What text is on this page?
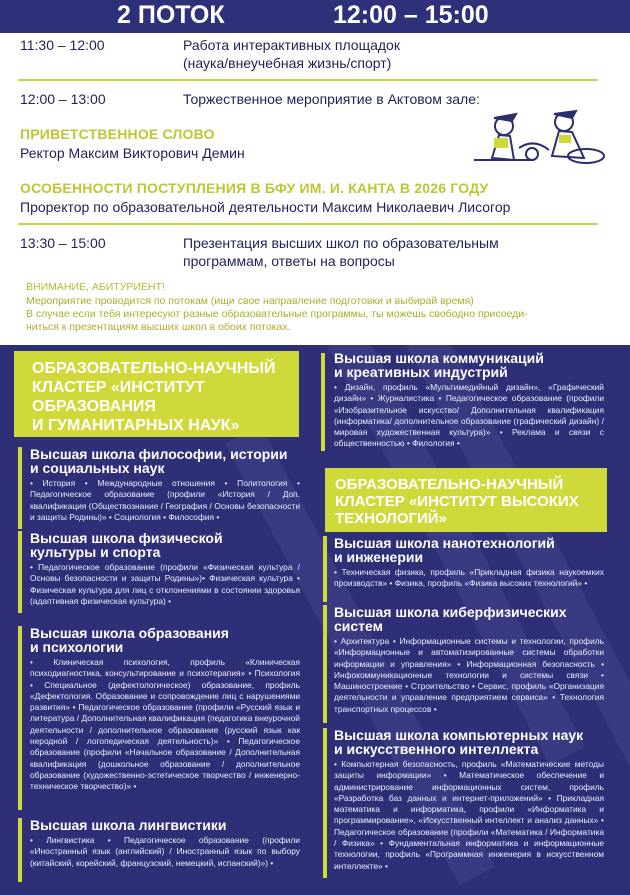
2 ПОТОК	12:00 – 15:00
11:30 – 12:00	Работа интерактивных площадок
(наука/внеучебная жизнь/спорт)
12:00 – 13:00	Торжественное мероприятие в Актовом зале:
ПРИВЕТСТВЕННОЕ СЛОВО
Ректор Максим Викторович Демин
ОСОБЕННОСТИ ПОСТУПЛЕНИЯ В БФУ ИМ. И. КАНТА В 2026 ГОДУ
Проректор по образовательной деятельности Максим Николаевич Лисогор
13:30 – 15:00	Презентация высших школ по образовательным
программам, ответы на вопросы
ВНИМАНИЕ, АБИТУРИЕНТ!
Мероприятие проводится по потокам (ищи свое направление подготовки и выбирай время)
В случае если тебя интересуют разные образовательные программы, ты можешь свободно присоеди-
ниться к презентациям высших школ в обоих потоках.
ОБРАЗОВАТЕЛЬНО-НАУЧНЫЙ
КЛАСТЕР «ИНСТИТУТ
ОБРАЗОВАНИЯ
И ГУМАНИТАРНЫХ НАУК»
ОБРАЗОВАТЕЛЬНО-НАУЧНЫЙ
КЛАСТЕР «ИНСТИТУТ ВЫСОКИХ
ТЕХНОЛОГИЙ»
Высшая школа философии, истории
и социальных наук

• История • Международные отношения • Политология • Педагогическое образование (профили «История / Доп. квалификация (Обществознание / География / Основы безопасности и защиты Родины)» • Социология • Философия •

Высшая школа физической
культуры и спорта

• Педагогическое образование (профили «Физическая культура / Основы безопасности и защиты Родины»)• Физическая культура • Физическая культура для лиц с отклонениями в состоянии здоровья (адаптивная физическая культура) •

Высшая школа образования
и психологии

• Клиническая психология, профиль «Клиническая психодиагностика, консультирование и психотерапия» • Психология • Специальное (дефектологическое) образование, профиль «Дефектология. Образование и сопровождение лиц с нарушениями развития» • Педагогическое образование (профили «Русский язык и литература / Дополнительная квалификация (педагогика внеурочной деятельности / дополнительное образование (русский язык как неродной / логопедическая деятельность)» • Педагогическое образование (профили «Начальное образование / Дополнительная квалификация (дошкольное образование / дополнительное образование (художественно-эстетическое творчество / инженерно-техническое творчество)» •

Высшая школа лингвистики

• Лингвистика • Педагогическое образование (профили «Иностранный язык (английский) / Иностранный язык по выбору (китайский, корейский, французский, немецкий, испанский)») •

Высшая школа коммуникаций
и креативных индустрий

• Дизайн, профиль «Мультимедийный дизайн», «Графический дизайн» • Журналистика • Педагогическое образование (профили «Изобразительное искусство/ Дополнительная квалификация (информатика/ дополнительное образование (графический дизайн) / мировая художественная культура)» • Реклама и связи с общественностью • Филология •

Высшая школа нанотехнологий
и инженерии

• Техническая физика, профиль «Прикладная физика наукоемких производств» • Физика, профиль «Физика высоких технологий» •

Высшая школа киберфизических
систем

• Архитектура • Информационные системы и технологии, профиль «Информационные и автоматизированные системы обработки информации и управления» • Информационная безопасность • Инфокоммуникационные технологии и системы связи • Машиностроение • Строительство • Сервис, профиль «Организация деятельности и управление предприятием сервиса» • Технология транспортных процессов •

Высшая школа компьютерных наук
и искусственного интеллекта

• Компьютерная безопасность, профиль «Математические методы защиты информации» • Математическое обеспечение и администрирование информационных систем, профиль «Разработка баз данных и интернет-приложений» • Прикладная математика и информатика, профили «Информатика и программирование», «Искусственный интеллект и анализ данных» • Педагогическое образование (профили «Математика / Информатика / Физика» • Фундаментальная информатика и информационные технологии, профиль «Программная инженерия в искусственном интеллекте» •
